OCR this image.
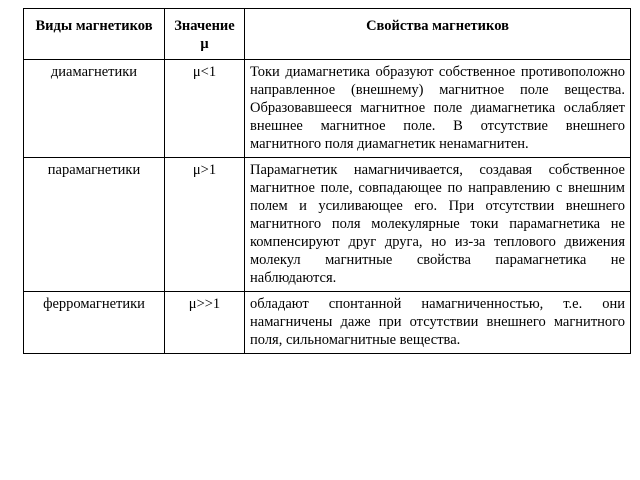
Виды магнетиков	Значение μ	Свойства магнетиков
диамагнетики	μ<1	Токи диамагнетика образуют собственное противоположно направленное (внешнему) магнитное поле вещества. Образовавшееся магнитное поле диамагнетика ослабляет внешнее магнитное поле. В отсутствие внешнего магнитного поля диамагнетик ненамагнитен.
парамагнетики	μ>1	Парамагнетик намагничивается, создавая собственное магнитное поле, совпадающее по направлению с внешним полем и усиливающее его. При отсутствии внешнего магнитного поля молекулярные токи парамагнетика не компенсируют друг друга, но из-за теплового движения молекул магнитные свойства парамагнетика не наблюдаются.
ферромагнетики	μ>>1	обладают спонтанной намагниченностью, т.е. они намагничены даже при отсутствии внешнего магнитного поля, сильномагнитные вещества.
